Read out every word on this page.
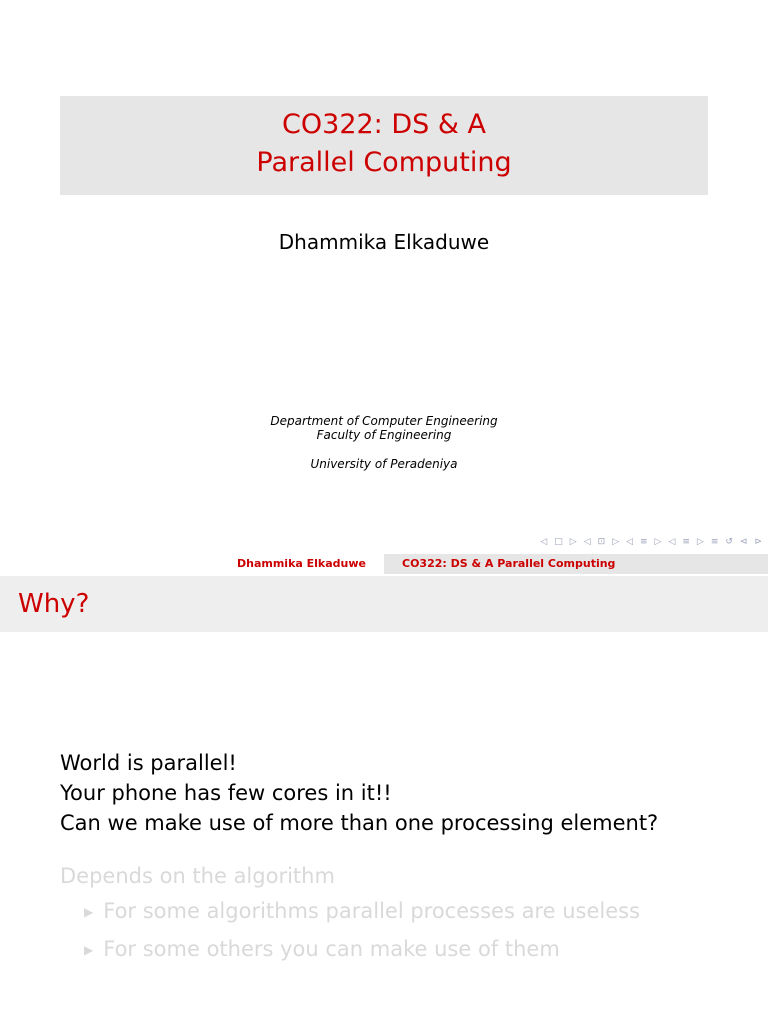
CO322: DS & A
Parallel Computing
Dhammika Elkaduwe
Department of Computer Engineering
Faculty of Engineering
University of Peradeniya
◁ □ ▷ ◁ ⊡ ▷ ◁ ≡ ▷ ◁ ≡ ▷ ≡ ↺ ⊲ ⊳
Dhammika Elkaduwe	CO322: DS & A Parallel Computing
Why?
World is parallel!
Your phone has few cores in it!!
Can we make use of more than one processing element?
Depends on the algorithm
▶ For some algorithms parallel processes are useless
▶ For some others you can make use of them
